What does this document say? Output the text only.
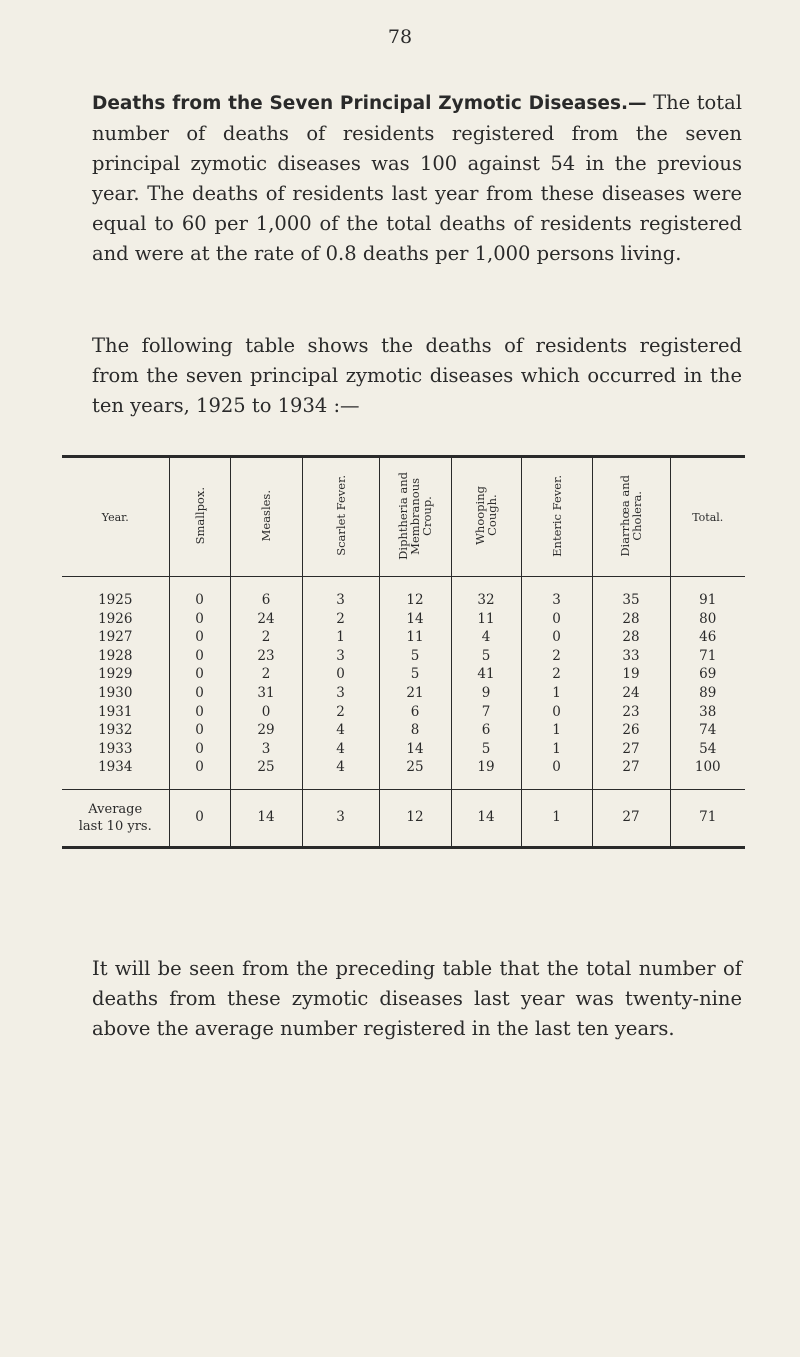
78

Deaths from the Seven Principal Zymotic Diseases.— The total number of deaths of residents registered from the seven principal zymotic diseases was 100 against 54 in the previous year. The deaths of residents last year from these diseases were equal to 60 per 1,000 of the total deaths of residents registered and were at the rate of 0.8 deaths per 1,000 persons living.

The following table shows the deaths of residents registered from the seven principal zymotic diseases which occurred in the ten years, 1925 to 1934 :—

Year.	Smallpox.	Measles.	Scarlet Fever.	Diphtheria and
Membranous
Croup.	Whooping
Cough.	Enteric Fever.	Diarrhœa and
Cholera.	Total.
1925	0	6	3	12	32	3	35	91
1926	0	24	2	14	11	0	28	80
1927	0	2	1	11	4	0	28	46
1928	0	23	3	5	5	2	33	71
1929	0	2	0	5	41	2	19	69
1930	0	31	3	21	9	1	24	89
1931	0	0	2	6	7	0	23	38
1932	0	29	4	8	6	1	26	74
1933	0	3	4	14	5	1	27	54
1934	0	25	4	25	19	0	27	100
Average
last 10 yrs.	0	14	3	12	14	1	27	71

It will be seen from the preceding table that the total number of deaths from these zymotic diseases last year was twenty-nine above the average number registered in the last ten years.
